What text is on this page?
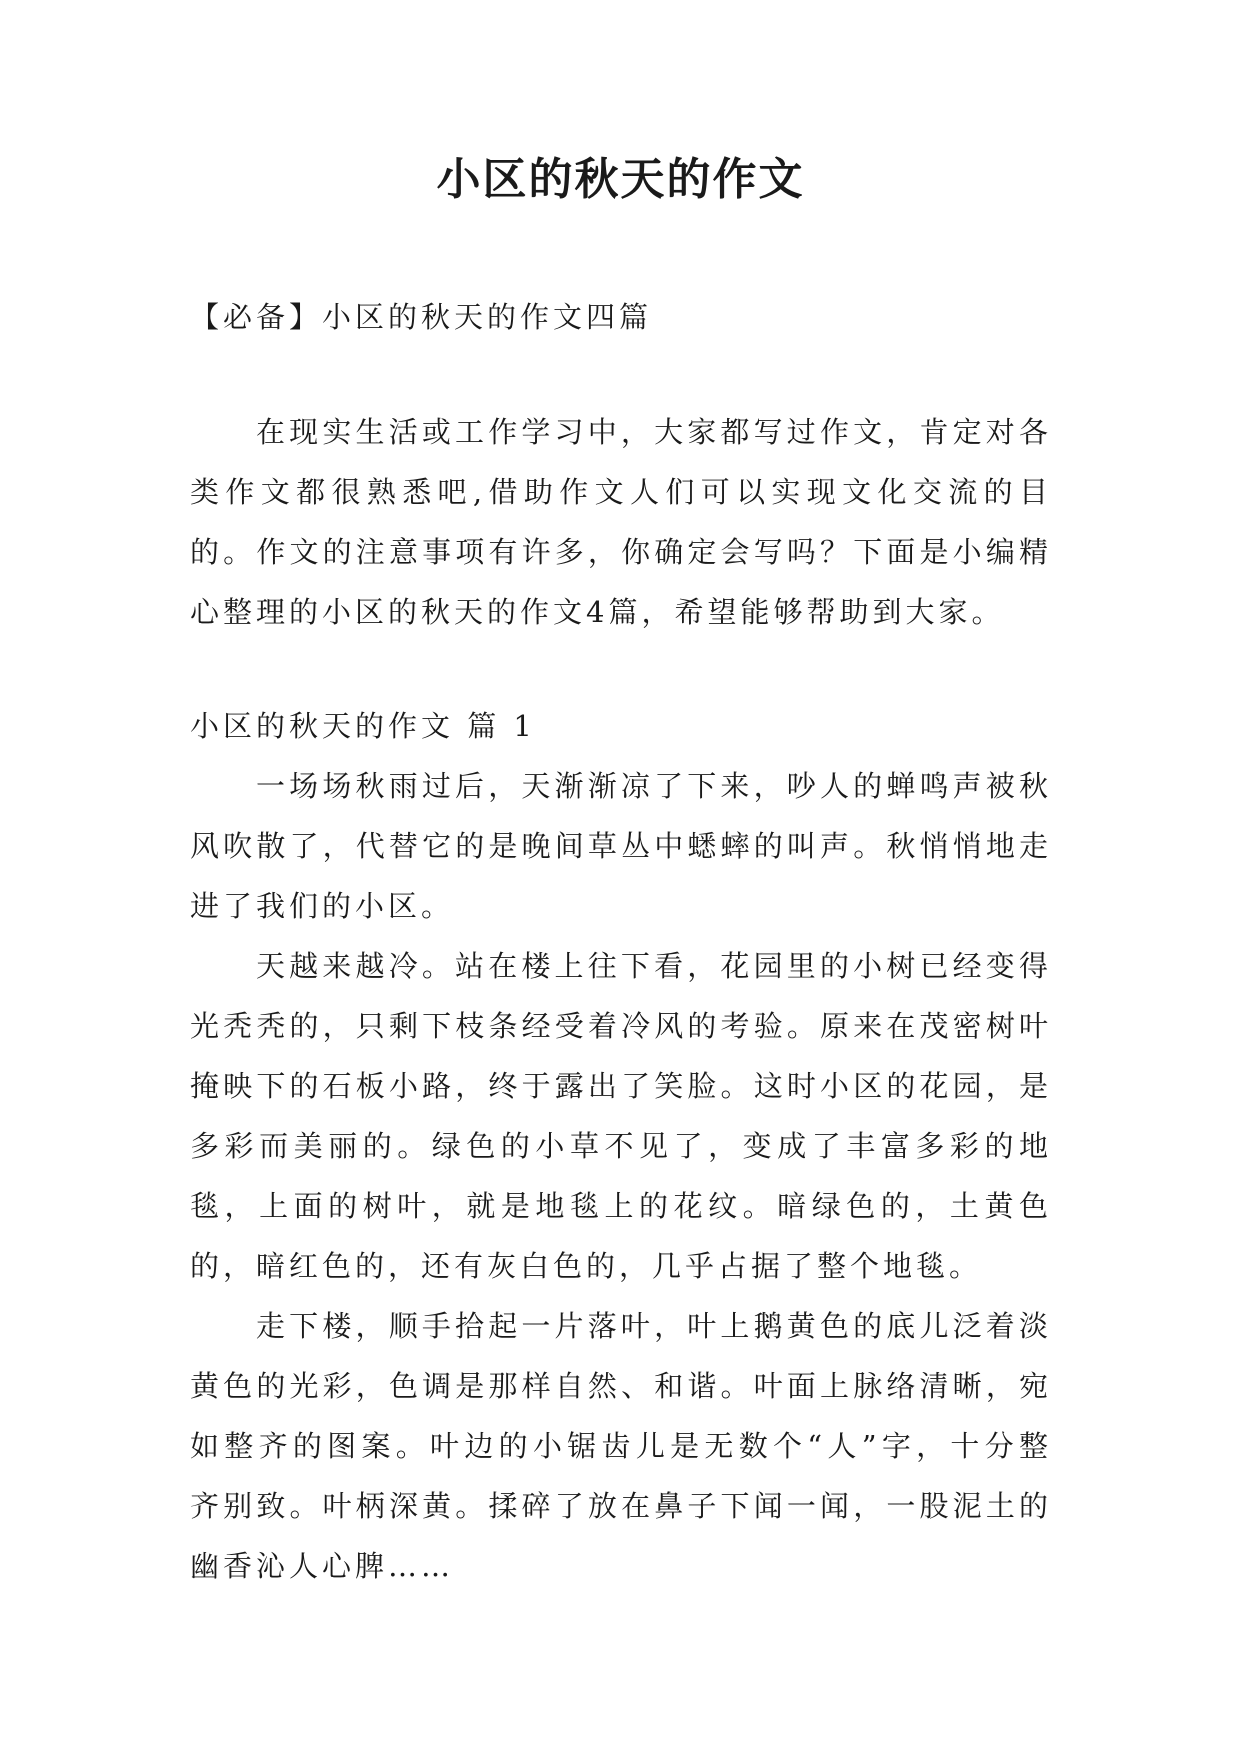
小区的秋天的作文
【必备】小区的秋天的作文四篇

在现实生活或工作学习中，大家都写过作文，肯定对各类作文都很熟悉吧,借助作文人们可以实现文化交流的目的。作文的注意事项有许多，你确定会写吗？下面是小编精心整理的小区的秋天的作文4篇，希望能够帮助到大家。

小区的秋天的作文 篇 1

一场场秋雨过后，天渐渐凉了下来，吵人的蝉鸣声被秋风吹散了，代替它的是晚间草丛中蟋蟀的叫声。秋悄悄地走进了我们的小区。

天越来越冷。站在楼上往下看，花园里的小树已经变得光秃秃的，只剩下枝条经受着冷风的考验。原来在茂密树叶掩映下的石板小路，终于露出了笑脸。这时小区的花园，是多彩而美丽的。绿色的小草不见了，变成了丰富多彩的地毯，上面的树叶，就是地毯上的花纹。暗绿色的，土黄色的，暗红色的，还有灰白色的，几乎占据了整个地毯。

走下楼，顺手拾起一片落叶，叶上鹅黄色的底儿泛着淡黄色的光彩，色调是那样自然、和谐。叶面上脉络清晰，宛如整齐的图案。叶边的小锯齿儿是无数个“人”字，十分整齐别致。叶柄深黄。揉碎了放在鼻子下闻一闻，一股泥土的幽香沁人心脾……
